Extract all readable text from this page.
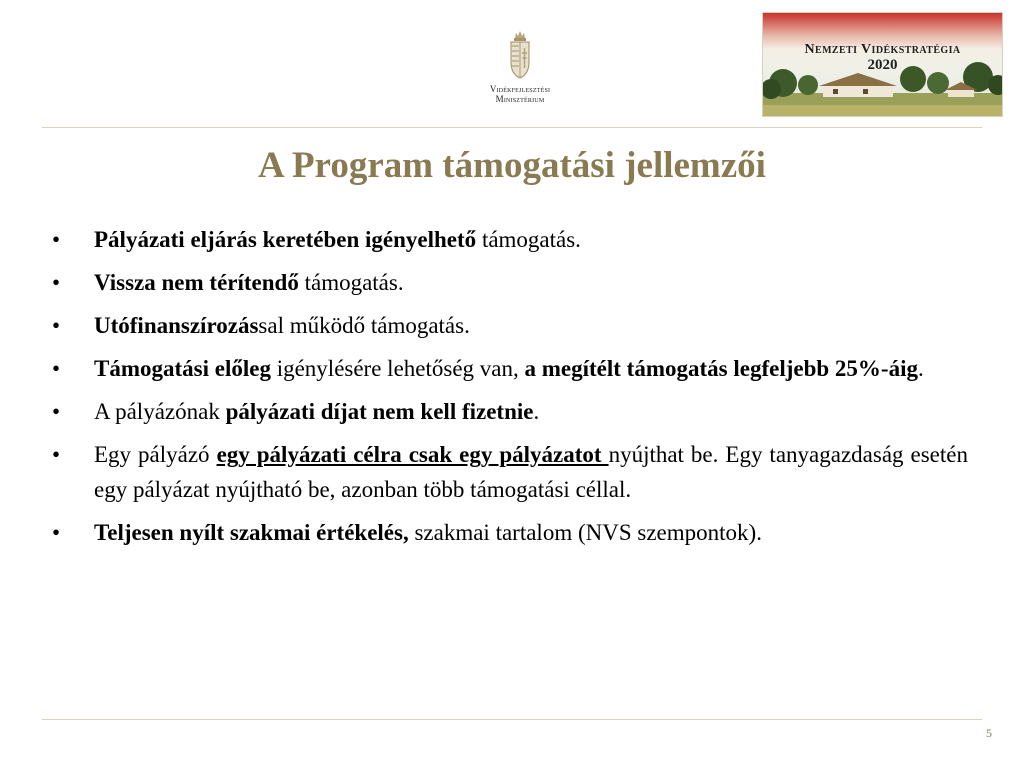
Vidékfejlesztési
Minisztérium
Nemzeti Vidékstratégia
2020
A Program támogatási jellemzői
• Pályázati eljárás keretében igényelhető támogatás.
• Vissza nem térítendő támogatás.
• Utófinanszírozással működő támogatás.
• Támogatási előleg igénylésére lehetőség van, a megítélt támogatás legfeljebb 25%-áig.
• A pályázónak pályázati díjat nem kell fizetnie.
• Egy pályázó egy pályázati célra csak egy pályázatot nyújthat be. Egy tanyagazdaság esetén egy pályázat nyújtható be, azonban több támogatási céllal.
• Teljesen nyílt szakmai értékelés, szakmai tartalom (NVS szempontok).
5
